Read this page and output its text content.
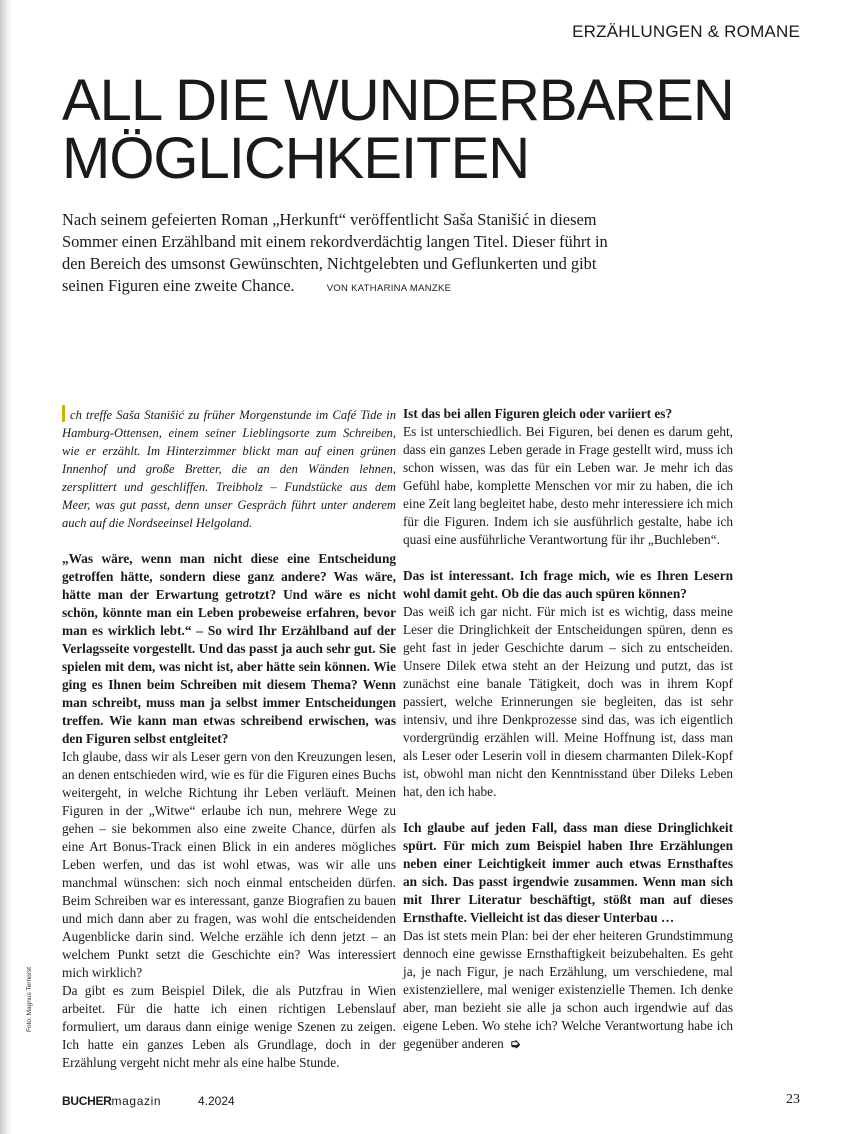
ERZÄHLUNGEN & ROMANE
ALL DIE WUNDERBAREN
MÖGLICHKEITEN
Nach seinem gefeierten Roman „Herkunft“ veröffentlicht Saša Stanišić in diesem Sommer einen Erzählband mit einem rekordverdächtig langen Titel. Dieser führt in den Bereich des umsonst Gewünschten, Nichtgelebten und Geflunkerten und gibt seinen Figuren eine zweite Chance.	VON KATHARINA MANZKE

ch treffe Saša Stanišić zu früher Morgenstunde im Café Tide in Hamburg-Ottensen, einem seiner Lieblingsorte zum Schreiben, wie er erzählt. Im Hinterzimmer blickt man auf einen grünen Innenhof und große Bretter, die an den Wänden lehnen, zersplittert und geschliffen. Treibholz – Fundstücke aus dem Meer, was gut passt, denn unser Gespräch führt unter anderem auch auf die Nordseeinsel Helgoland.

„Was wäre, wenn man nicht diese eine Entscheidung getroffen hätte, sondern diese ganz andere? Was wäre, hätte man der Erwartung getrotzt? Und wäre es nicht schön, könnte man ein Leben probeweise erfahren, bevor man es wirklich lebt.“ – So wird Ihr Erzählband auf der Verlagsseite vorgestellt. Und das passt ja auch sehr gut. Sie spielen mit dem, was nicht ist, aber hätte sein können. Wie ging es Ihnen beim Schreiben mit diesem Thema? Wenn man schreibt, muss man ja selbst immer Entscheidungen treffen. Wie kann man etwas schreibend erwischen, was den Figuren selbst entgleitet?

Ich glaube, dass wir als Leser gern von den Kreuzungen lesen, an denen entschieden wird, wie es für die Figuren eines Buchs weitergeht, in welche Richtung ihr Leben verläuft. Meinen Figuren in der „Witwe“ erlaube ich nun, mehrere Wege zu gehen – sie bekommen also eine zweite Chance, dürfen als eine Art Bonus-Track einen Blick in ein anderes mögliches Leben werfen, und das ist wohl etwas, was wir alle uns manchmal wünschen: sich noch einmal entscheiden dürfen. Beim Schreiben war es interessant, ganze Biografien zu bauen und mich dann aber zu fragen, was wohl die entscheidenden Augenblicke darin sind. Welche erzähle ich denn jetzt – an welchem Punkt setzt die Geschichte ein? Was interessiert mich wirklich?

Da gibt es zum Beispiel Dilek, die als Putzfrau in Wien arbeitet. Für die hatte ich einen richtigen Lebenslauf formuliert, um daraus dann einige wenige Szenen zu zeigen. Ich hatte ein ganzes Leben als Grundlage, doch in der Erzählung vergeht nicht mehr als eine halbe Stunde.

Ist das bei allen Figuren gleich oder variiert es?

Es ist unterschiedlich. Bei Figuren, bei denen es darum geht, dass ein ganzes Leben gerade in Frage gestellt wird, muss ich schon wissen, was das für ein Leben war. Je mehr ich das Gefühl habe, komplette Menschen vor mir zu haben, die ich eine Zeit lang begleitet habe, desto mehr interessiere ich mich für die Figuren. Indem ich sie ausführlich gestalte, habe ich quasi eine ausführliche Verantwortung für ihr „Buchleben“.

Das ist interessant. Ich frage mich, wie es Ihren Lesern wohl damit geht. Ob die das auch spüren können?

Das weiß ich gar nicht. Für mich ist es wichtig, dass meine Leser die Dringlichkeit der Entscheidungen spüren, denn es geht fast in jeder Geschichte darum – sich zu entscheiden. Unsere Dilek etwa steht an der Heizung und putzt, das ist zunächst eine banale Tätigkeit, doch was in ihrem Kopf passiert, welche Erinnerungen sie begleiten, das ist sehr intensiv, und ihre Denkprozesse sind das, was ich eigentlich vordergründig erzählen will. Meine Hoffnung ist, dass man als Leser oder Leserin voll in diesem charmanten Dilek-Kopf ist, obwohl man nicht den Kenntnisstand über Dileks Leben hat, den ich habe.

Ich glaube auf jeden Fall, dass man diese Dringlichkeit spürt. Für mich zum Beispiel haben Ihre Erzählungen neben einer Leichtigkeit immer auch etwas Ernsthaftes an sich. Das passt irgendwie zusammen. Wenn man sich mit Ihrer Literatur beschäftigt, stößt man auf dieses Ernsthafte. Vielleicht ist das dieser Unterbau …

Das ist stets mein Plan: bei der eher heiteren Grundstimmung dennoch eine gewisse Ernsthaftigkeit beizubehalten. Es geht ja, je nach Figur, je nach Erzählung, um verschiedene, mal existenziellere, mal weniger existenzielle Themen. Ich denke aber, man bezieht sie alle ja schon auch irgendwie auf das eigene Leben. Wo stehe ich? Welche Verantwortung habe ich gegenüber anderen ➭

Foto: Magnus Terhorst
BUCHERmagazin	4.2024	23
